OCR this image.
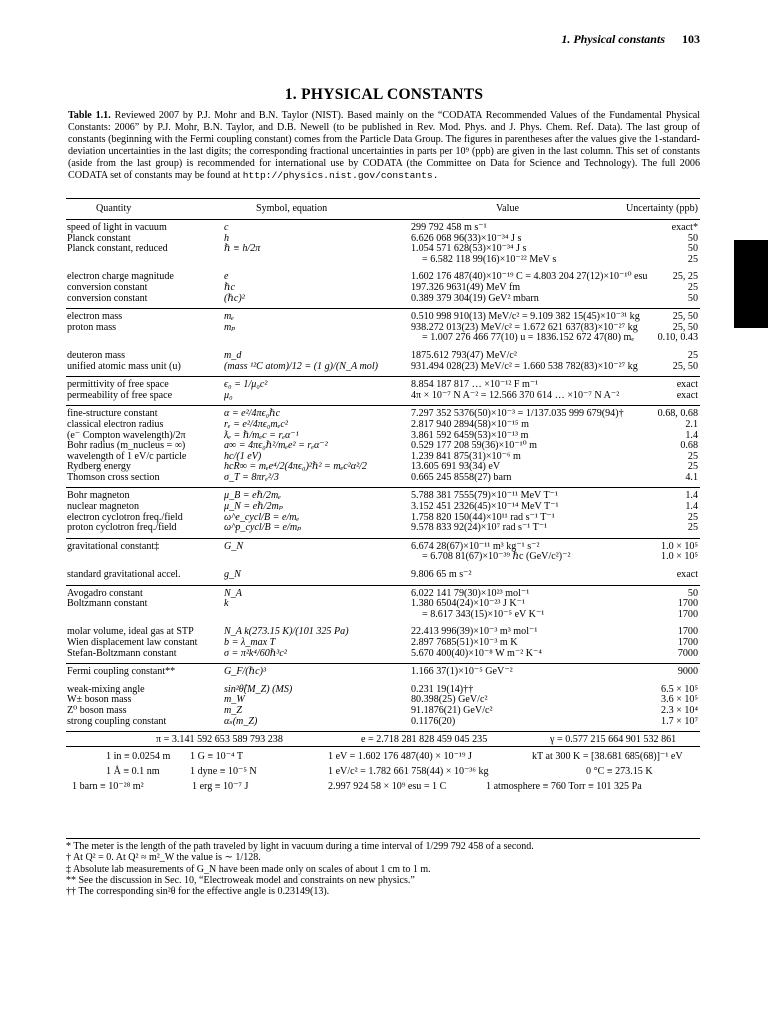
1. Physical constants 103
1. PHYSICAL CONSTANTS
Table 1.1. Reviewed 2007 by P.J. Mohr and B.N. Taylor (NIST). Based mainly on the “CODATA Recommended Values of the Fundamental Physical Constants: 2006” by P.J. Mohr, B.N. Taylor, and D.B. Newell (to be published in Rev. Mod. Phys. and J. Phys. Chem. Ref. Data). The last group of constants (beginning with the Fermi coupling constant) comes from the Particle Data Group. The figures in parentheses after the values give the 1-standard-deviation uncertainties in the last digits; the corresponding fractional uncertainties in parts per 10⁹ (ppb) are given in the last column. This set of constants (aside from the last group) is recommended for international use by CODATA (the Committee on Data for Science and Technology). The full 2006 CODATA set of constants may be found at http://physics.nist.gov/constants.
Quantity	Symbol, equation	Value	Uncertainty (ppb)
speed of light in vacuum	c	299 792 458 m s⁻¹	exact*
Planck constant	h	6.626 068 96(33)×10⁻³⁴ J s	50
Planck constant, reduced	ℏ ≡ h/2π	1.054 571 628(53)×10⁻³⁴ J s	50
= 6.582 118 99(16)×10⁻²² MeV s	25
electron charge magnitude	e	1.602 176 487(40)×10⁻¹⁹ C = 4.803 204 27(12)×10⁻¹⁰ esu	25, 25
conversion constant	ℏc	197.326 9631(49) MeV fm	25
conversion constant	(ℏc)²	0.389 379 304(19) GeV² mbarn	50
electron mass	mₑ	0.510 998 910(13) MeV/c² = 9.109 382 15(45)×10⁻³¹ kg	25, 50
proton mass	mₚ	938.272 013(23) MeV/c² = 1.672 621 637(83)×10⁻²⁷ kg	25, 50
= 1.007 276 466 77(10) u = 1836.152 672 47(80) mₑ 0.10, 0.43
deuteron mass	m_d	1875.612 793(47) MeV/c²	25
unified atomic mass unit (u)	(mass ¹²C atom)/12 = (1 g)/(N_A mol)	931.494 028(23) MeV/c² = 1.660 538 782(83)×10⁻²⁷ kg	25, 50
permittivity of free space	ϵ₀ = 1/μ₀c²	8.854 187 817 … ×10⁻¹² F m⁻¹	exact
permeability of free space	μ₀	4π × 10⁻⁷ N A⁻² = 12.566 370 614 … ×10⁻⁷ N A⁻²	exact
fine-structure constant	α = e²/4πϵ₀ℏc	7.297 352 5376(50)×10⁻³ = 1/137.035 999 679(94)†	0.68, 0.68
classical electron radius	rₑ = e²/4πϵ₀mₑc²	2.817 940 2894(58)×10⁻¹⁵ m	2.1
(e⁻ Compton wavelength)/2π	ƛₑ = ℏ/mₑc = rₑα⁻¹	3.861 592 6459(53)×10⁻¹³ m	1.4
Bohr radius (m_nucleus = ∞)	a∞ = 4πϵ₀ℏ²/mₑe² = rₑα⁻²	0.529 177 208 59(36)×10⁻¹⁰ m	0.68
wavelength of 1 eV/c particle	hc/(1 eV)	1.239 841 875(31)×10⁻⁶ m	25
Rydberg energy	hcR∞ = mₑe⁴/2(4πϵ₀)²ℏ² = mₑc²α²/2	13.605 691 93(34) eV	25
Thomson cross section	σ_T = 8πrₑ²/3	0.665 245 8558(27) barn	4.1
Bohr magneton	μ_B = eℏ/2mₑ	5.788 381 7555(79)×10⁻¹¹ MeV T⁻¹	1.4
nuclear magneton	μ_N = eℏ/2mₚ	3.152 451 2326(45)×10⁻¹⁴ MeV T⁻¹	1.4
electron cyclotron freq./field	ω^e_cycl/B = e/mₑ	1.758 820 150(44)×10¹¹ rad s⁻¹ T⁻¹	25
proton cyclotron freq./field	ω^p_cycl/B = e/mₚ	9.578 833 92(24)×10⁷ rad s⁻¹ T⁻¹	25
gravitational constant‡	G_N	6.674 28(67)×10⁻¹¹ m³ kg⁻¹ s⁻²	1.0 × 10⁵
= 6.708 81(67)×10⁻³⁹ ℏc (GeV/c²)⁻²	1.0 × 10⁵
standard gravitational accel.	g_N	9.806 65 m s⁻²	exact
Avogadro constant	N_A	6.022 141 79(30)×10²³ mol⁻¹	50
Boltzmann constant	k	1.380 6504(24)×10⁻²³ J K⁻¹	1700
= 8.617 343(15)×10⁻⁵ eV K⁻¹	1700
molar volume, ideal gas at STP	N_A k(273.15 K)/(101 325 Pa)	22.413 996(39)×10⁻³ m³ mol⁻¹	1700
Wien displacement law constant	b = λ_max T	2.897 7685(51)×10⁻³ m K	1700
Stefan-Boltzmann constant	σ = π²k⁴/60ℏ³c²	5.670 400(40)×10⁻⁸ W m⁻² K⁻⁴	7000
Fermi coupling constant**	G_F/(ℏc)³	1.166 37(1)×10⁻⁵ GeV⁻²	9000
weak-mixing angle	sin²θ̂(M_Z) (MS)	0.231 19(14)††	6.5 × 10⁵
W± boson mass	m_W	80.398(25) GeV/c²	3.6 × 10⁵
Z⁰ boson mass	m_Z	91.1876(21) GeV/c²	2.3 × 10⁴
strong coupling constant	αₛ(m_Z)	0.1176(20)	1.7 × 10⁷
π = 3.141 592 653 589 793 238	e = 2.718 281 828 459 045 235	γ = 0.577 215 664 901 532 861
1 in ≡ 0.0254 m 1 G ≡ 10⁻⁴ T	1 eV = 1.602 176 487(40) × 10⁻¹⁹ J	kT at 300 K = [38.681 685(68)]⁻¹ eV
1 Å ≡ 0.1 nm	1 dyne ≡ 10⁻⁵ N	1 eV/c² = 1.782 661 758(44) × 10⁻³⁶ kg	0 °C ≡ 273.15 K
1 barn ≡ 10⁻²⁸ m²	1 erg ≡ 10⁻⁷ J	2.997 924 58 × 10⁹ esu = 1 C	1 atmosphere ≡ 760 Torr ≡ 101 325 Pa
* The meter is the length of the path traveled by light in vacuum during a time interval of 1/299 792 458 of a second.
† At Q² = 0. At Q² ≈ m²_W the value is ∼ 1/128.
‡ Absolute lab measurements of G_N have been made only on scales of about 1 cm to 1 m.
** See the discussion in Sec. 10, “Electroweak model and constraints on new physics.”
†† The corresponding sin²θ for the effective angle is 0.23149(13).
